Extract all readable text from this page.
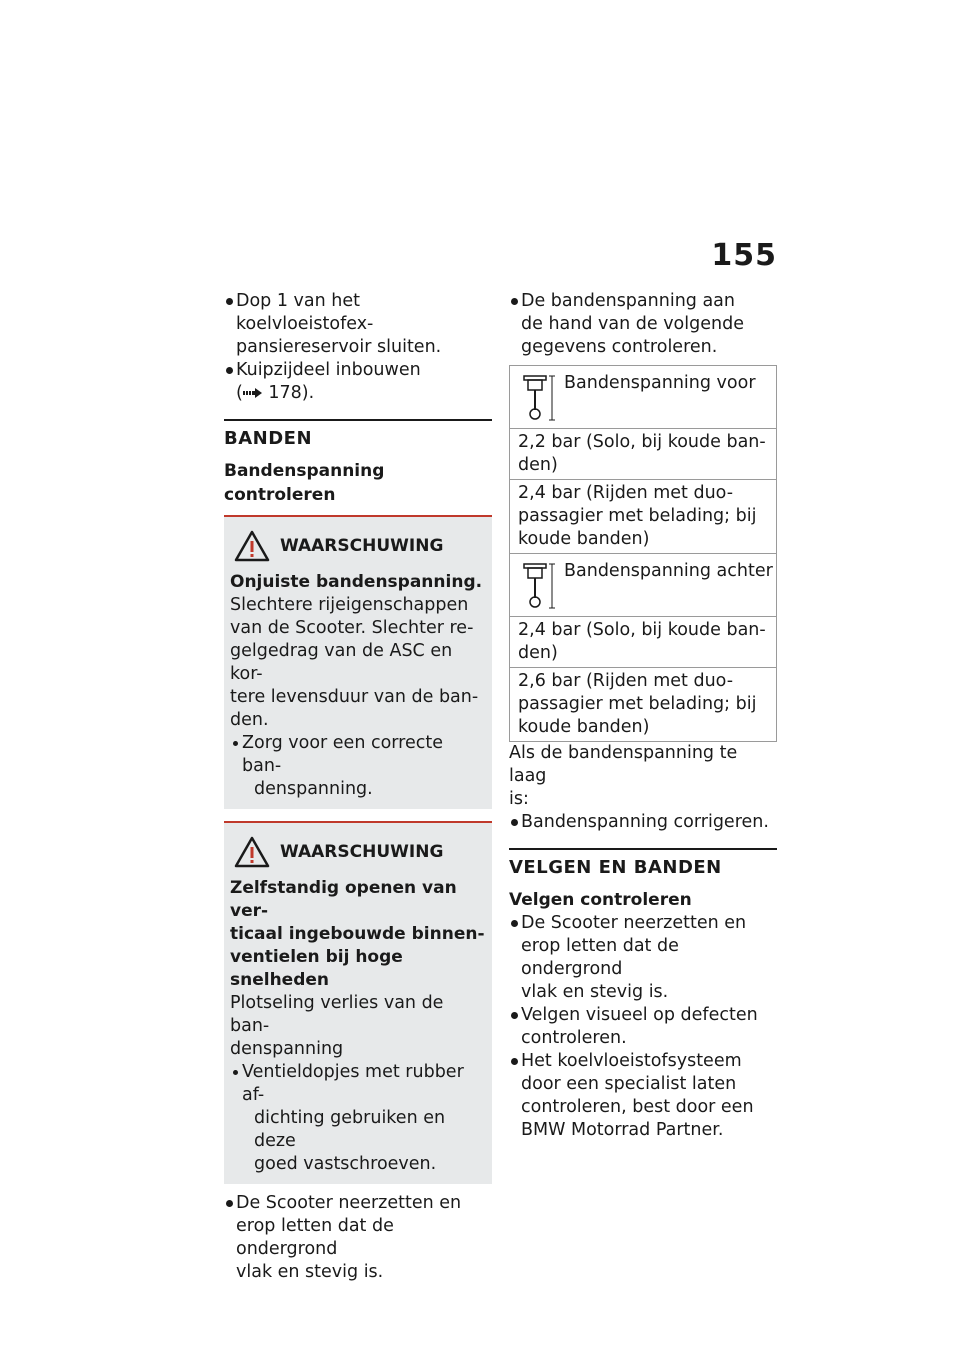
155
Dop 1 van het koelvloeistofex-
pansiereservoir sluiten.
Kuipzijdeel inbouwen
( 178).
BANDEN
Bandenspanning controleren
WAARSCHUWING
Onjuiste bandenspanning.
Slechtere rijeigenschappen
van de Scooter. Slechter re-
gelgedrag van de ASC en kor-
tere levensduur van de ban-
den.
Zorg voor een correcte ban-
denspanning.
WAARSCHUWING
Zelfstandig openen van ver-
ticaal ingebouwde binnen-
ventielen bij hoge snelheden
Plotseling verlies van de ban-
denspanning
Ventieldopjes met rubber af-
dichting gebruiken en deze
goed vastschroeven.
De Scooter neerzetten en
erop letten dat de ondergrond
vlak en stevig is.
De bandenspanning aan
de hand van de volgende
gegevens controleren.
Bandenspanning voor
2,2 bar (Solo, bij koude ban-
den)
2,4 bar (Rijden met duo-
passagier met belading; bij
koude banden)
Bandenspanning achter
2,4 bar (Solo, bij koude ban-
den)
2,6 bar (Rijden met duo-
passagier met belading; bij
koude banden)
Als de bandenspanning te laag
is:
Bandenspanning corrigeren.
VELGEN EN BANDEN
Velgen controleren
De Scooter neerzetten en
erop letten dat de ondergrond
vlak en stevig is.
Velgen visueel op defecten
controleren.
Het koelvloeistofsysteem
door een specialist laten
controleren, best door een
BMW Motorrad Partner.
